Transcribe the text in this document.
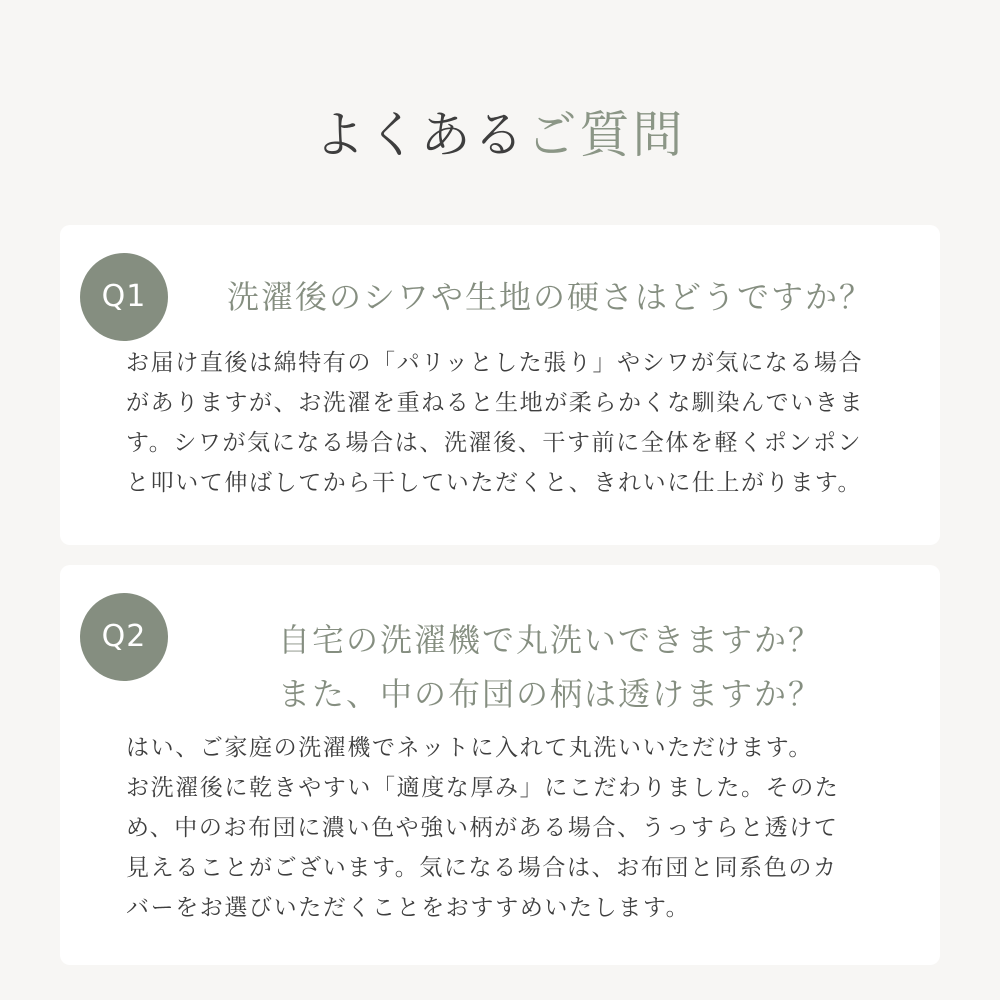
よくあるご質問
Q1	洗濯後のシワや生地の硬さはどうですか？
お届け直後は綿特有の「パリッとした張り」やシワが気になる場合
がありますが、お洗濯を重ねると生地が柔らかくな馴染んでいきま
す。シワが気になる場合は、洗濯後、干す前に全体を軽くポンポン
と叩いて伸ばしてから干していただくと、きれいに仕上がります。
Q2	自宅の洗濯機で丸洗いできますか？
また、中の布団の柄は透けますか？
はい、ご家庭の洗濯機でネットに入れて丸洗いいただけます。
お洗濯後に乾きやすい「適度な厚み」にこだわりました。そのた
め、中のお布団に濃い色や強い柄がある場合、うっすらと透けて
見えることがございます。気になる場合は、お布団と同系色のカ
バーをお選びいただくことをおすすめいたします。
